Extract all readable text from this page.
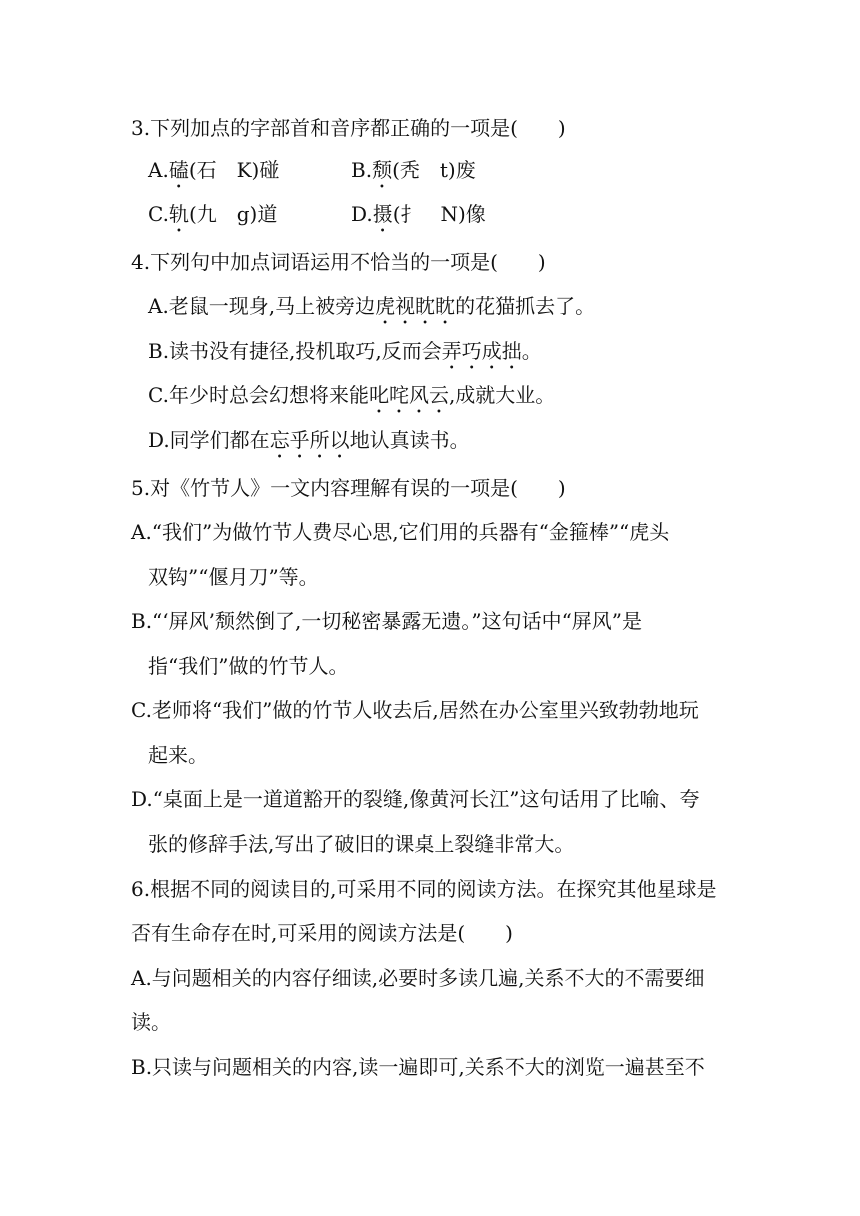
3.下列加点的字部首和音序都正确的一项是(　　)
A.磕(石　K)碰	B.颓(秃　t)废
C.轨(九　g)道	D.摄(扌　N)像
4.下列句中加点词语运用不恰当的一项是(　　)
A.老鼠一现身,马上被旁边虎视眈眈的花猫抓去了。
B.读书没有捷径,投机取巧,反而会弄巧成拙。
C.年少时总会幻想将来能叱咤风云,成就大业。
D.同学们都在忘乎所以地认真读书。
5.对《竹节人》一文内容理解有误的一项是(　　)
A.“我们”为做竹节人费尽心思,它们用的兵器有“金箍棒”“虎头
双钩”“偃月刀”等。
B.“‘屏风’颓然倒了,一切秘密暴露无遗。”这句话中“屏风”是
指“我们”做的竹节人。
C.老师将“我们”做的竹节人收去后,居然在办公室里兴致勃勃地玩
起来。
D.“桌面上是一道道豁开的裂缝,像黄河长江”这句话用了比喻、夸
张的修辞手法,写出了破旧的课桌上裂缝非常大。
6.根据不同的阅读目的,可采用不同的阅读方法。在探究其他星球是
否有生命存在时,可采用的阅读方法是(　　)
A.与问题相关的内容仔细读,必要时多读几遍,关系不大的不需要细
读。
B.只读与问题相关的内容,读一遍即可,关系不大的浏览一遍甚至不
